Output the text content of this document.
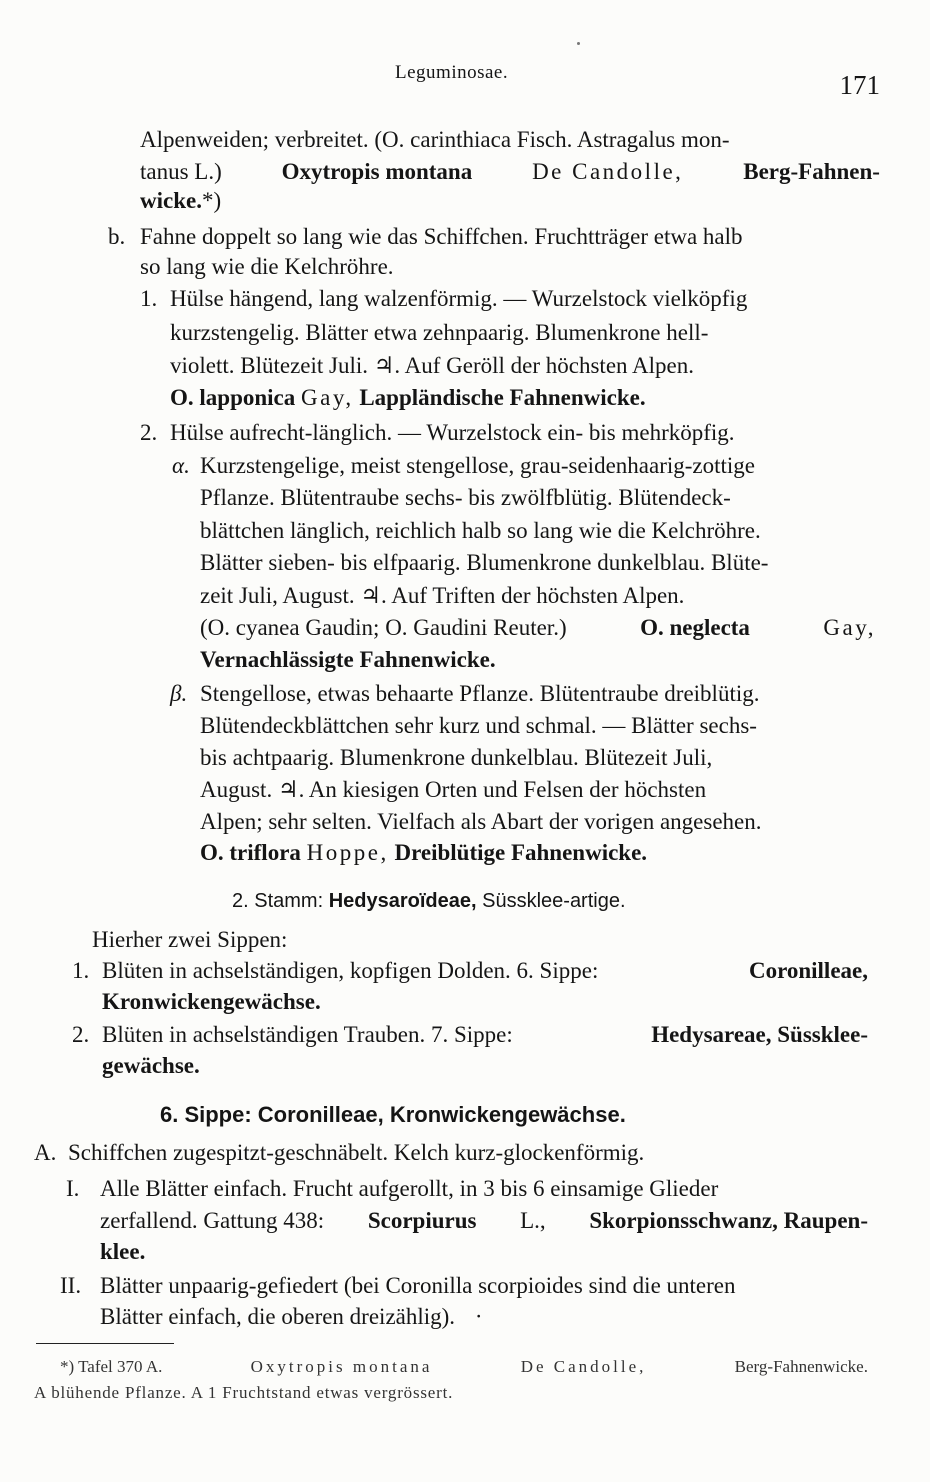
Leguminosae.	171
Alpenweiden; verbreitet. (O. carinthiaca Fisch. Astragalus mon-
tanus L.)	Oxytropis montana	De Candolle,	Berg-Fahnen-
wicke.*)
b. Fahne doppelt so lang wie das Schiffchen. Fruchtträger etwa halb
so lang wie die Kelchröhre.
1. Hülse hängend, lang walzenförmig. — Wurzelstock vielköpfig
kurzstengelig. Blätter etwa zehnpaarig. Blumenkrone hell-
violett. Blütezeit Juli. ♃. Auf Geröll der höchsten Alpen.
O. lapponica Gay, Lappländische Fahnenwicke.
2. Hülse aufrecht-länglich. — Wurzelstock ein- bis mehrköpfig.
α. Kurzstengelige, meist stengellose, grau-seidenhaarig-zottige
Pflanze. Blütentraube sechs- bis zwölfblütig. Blütendeck-
blättchen länglich, reichlich halb so lang wie die Kelchröhre.
Blätter sieben- bis elfpaarig. Blumenkrone dunkelblau. Blüte-
zeit Juli, August. ♃. Auf Triften der höchsten Alpen.
(O. cyanea Gaudin; O. Gaudini Reuter.)	O. neglecta	Gay,
Vernachlässigte Fahnenwicke.
β. Stengellose, etwas behaarte Pflanze. Blütentraube dreiblütig.
Blütendeckblättchen sehr kurz und schmal. — Blätter sechs-
bis achtpaarig. Blumenkrone dunkelblau. Blütezeit Juli,
August. ♃. An kiesigen Orten und Felsen der höchsten
Alpen; sehr selten. Vielfach als Abart der vorigen angesehen.
O. triflora Hoppe, Dreiblütige Fahnenwicke.
2. Stamm: Hedysaroïdeae, Süssklee-artige.
Hierher zwei Sippen:
1. Blüten in achselständigen, kopfigen Dolden. 6. Sippe:	Coronilleae,
Kronwickengewächse.
2. Blüten in achselständigen Trauben. 7. Sippe:	Hedysareae, Süssklee-
gewächse.
6. Sippe: Coronilleae, Kronwickengewächse.
A. Schiffchen zugespitzt-geschnäbelt. Kelch kurz-glockenförmig.
I. Alle Blätter einfach. Frucht aufgerollt, in 3 bis 6 einsamige Glieder
zerfallend. Gattung 438: Scorpiurus L., Skorpionsschwanz, Raupen-
klee.
II. Blätter unpaarig-gefiedert (bei Coronilla scorpioides sind die unteren
Blätter einfach, die oberen dreizählig). ·
*) Tafel 370 A.	Oxytropis montana	De Candolle,	Berg-Fahnenwicke.
A blühende Pflanze. A 1 Fruchtstand etwas vergrössert.
